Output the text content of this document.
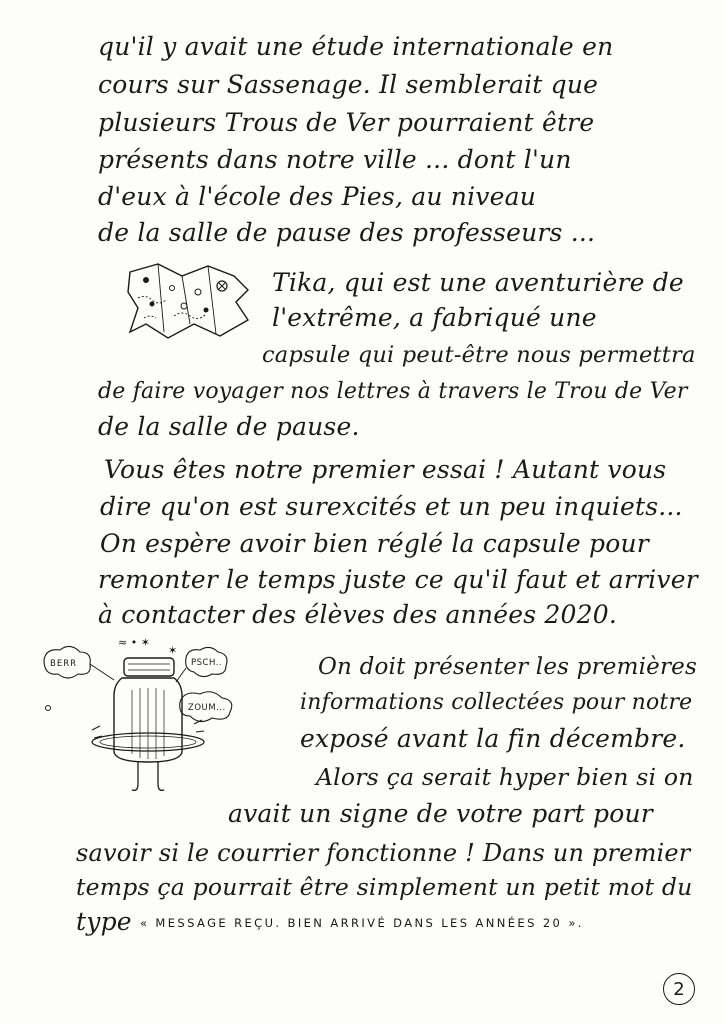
qu'il y avait une étude internationale en
cours sur Sassenage. Il semblerait que
plusieurs Trous de Ver pourraient être
présents dans notre ville ... dont l'un
d'eux à l'école des Pies, au niveau
de la salle de pause des professeurs ...
Tika, qui est une aventurière de
l'extrême, a fabriqué une
capsule qui peut-être nous permettra
de faire voyager nos lettres à travers le Trou de Ver
de la salle de pause.
Vous êtes notre premier essai ! Autant vous
dire qu'on est surexcités et un peu inquiets...
On espère avoir bien réglé la capsule pour
remonter le temps juste ce qu'il faut et arriver
à contacter des élèves des années 2020.
≈ • ✶
✶
BERR	PSCH..
ZOUM...
On doit présenter les premières
informations collectées pour notre
exposé avant la fin décembre.
Alors ça serait hyper bien si on
avait un signe de votre part pour
savoir si le courrier fonctionne ! Dans un premier
temps ça pourrait être simplement un petit mot du
type « MESSAGE REÇU. BIEN ARRIVÉ DANS LES ANNÉES 20 ».
2
